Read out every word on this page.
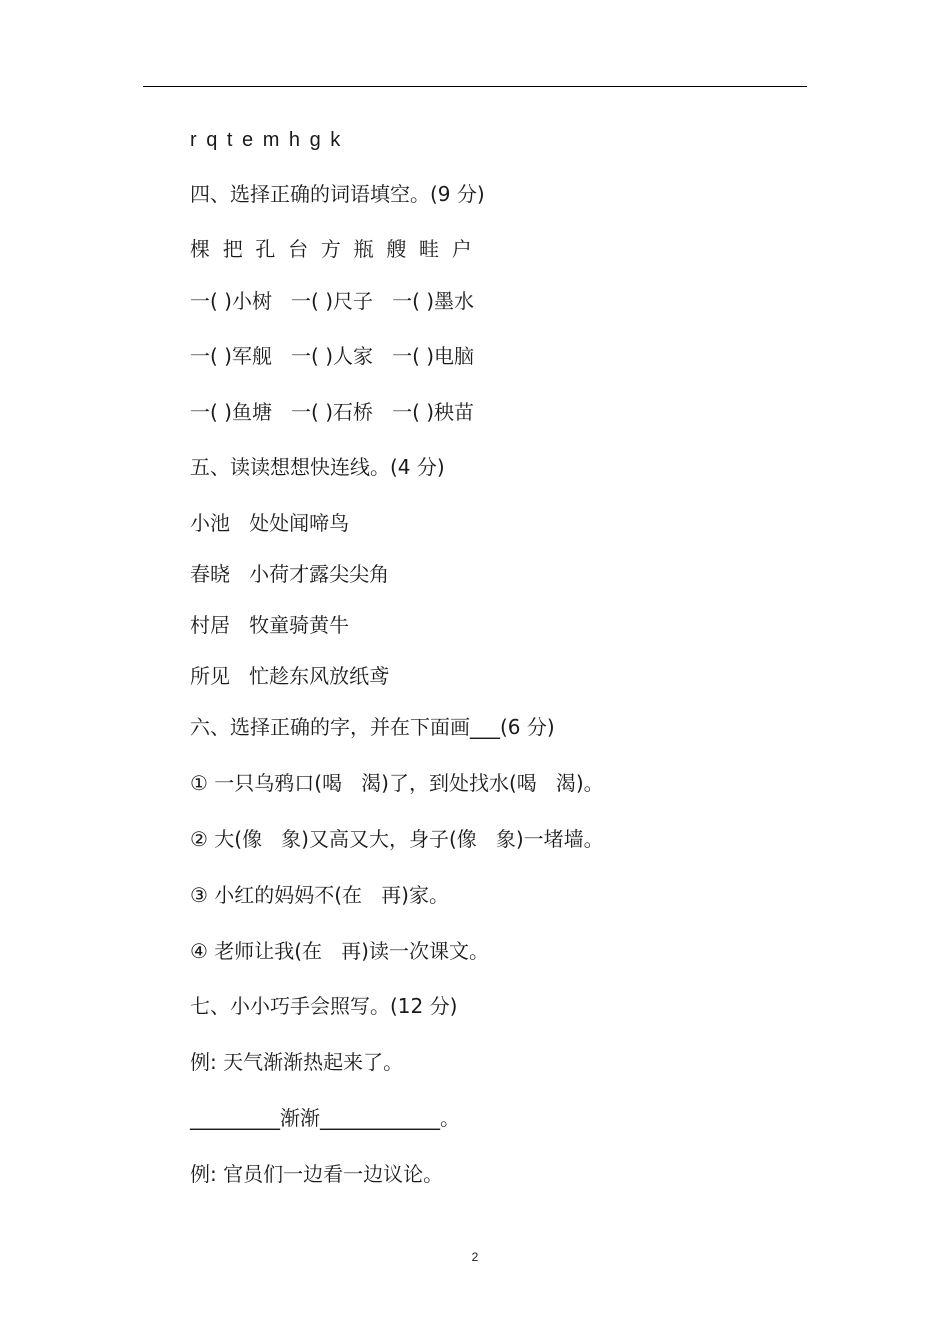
r q t e m h g k
四、选择正确的词语填空。(9 分)
棵  把  孔  台  方  瓶  艘  畦  户
一( )小树   一( )尺子   一( )墨水
一( )军舰   一( )人家   一( )电脑
一( )鱼塘   一( )石桥   一( )秧苗
五、读读想想快连线。(4 分)
小池   处处闻啼鸟
春晓   小荷才露尖尖角
村居   牧童骑黄牛
所见   忙趁东风放纸鸢
六、选择正确的字，并在下面画___(6 分)
① 一只乌鸦口(喝   渴)了，到处找水(喝   渴)。
② 大(像   象)又高又大，身子(像   象)一堵墙。
③ 小红的妈妈不(在   再)家。
④ 老师让我(在   再)读一次课文。
七、小小巧手会照写。(12 分)
例: 天气渐渐热起来了。
_________渐渐____________。
例: 官员们一边看一边议论。
2
